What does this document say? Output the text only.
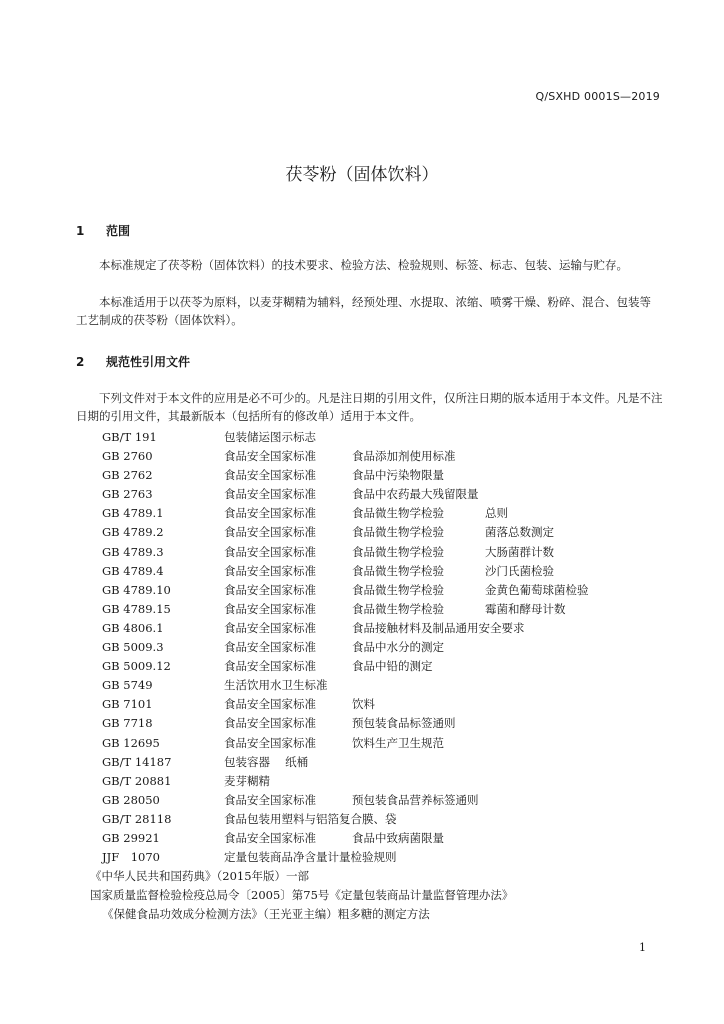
Q/SXHD 0001S—2019
茯苓粉（固体饮料）
1 范围
本标准规定了茯苓粉（固体饮料）的技术要求、检验方法、检验规则、标签、标志、包装、运输与贮存。
本标准适用于以茯苓为原料，以麦芽糊精为辅料，经预处理、水提取、浓缩、喷雾干燥、粉碎、混合、包装等工艺制成的茯苓粉（固体饮料）。
2 规范性引用文件
下列文件对于本文件的应用是必不可少的。凡是注日期的引用文件，仅所注日期的版本适用于本文件。凡是不注日期的引用文件，其最新版本（包括所有的修改单）适用于本文件。
GB/T 191	包装储运图示标志
GB 2760	食品安全国家标准	食品添加剂使用标准
GB 2762	食品安全国家标准	食品中污染物限量
GB 2763	食品安全国家标准	食品中农药最大残留限量
GB 4789.1	食品安全国家标准	食品微生物学检验	总则
GB 4789.2	食品安全国家标准	食品微生物学检验	菌落总数测定
GB 4789.3	食品安全国家标准	食品微生物学检验	大肠菌群计数
GB 4789.4	食品安全国家标准	食品微生物学检验	沙门氏菌检验
GB 4789.10	食品安全国家标准	食品微生物学检验	金黄色葡萄球菌检验
GB 4789.15	食品安全国家标准	食品微生物学检验	霉菌和酵母计数
GB 4806.1	食品安全国家标准	食品接触材料及制品通用安全要求
GB 5009.3	食品安全国家标准	食品中水分的测定
GB 5009.12	食品安全国家标准	食品中铅的测定
GB 5749	生活饮用水卫生标准
GB 7101	食品安全国家标准	饮料
GB 7718	食品安全国家标准	预包装食品标签通则
GB 12695	食品安全国家标准	饮料生产卫生规范
GB/T 14187	包装容器　 纸桶
GB/T 20881	麦芽糊精
GB 28050	食品安全国家标准	预包装食品营养标签通则
GB/T 28118	食品包装用塑料与铝箔复合膜、袋
GB 29921	食品安全国家标准	食品中致病菌限量
JJF　1070	定量包装商品净含量计量检验规则
《中华人民共和国药典》（2015年版）一部
国家质量监督检验检疫总局令〔2005〕第75号《定量包装商品计量监督管理办法》
《保健食品功效成分检测方法》（王光亚主编）粗多糖的测定方法
1
